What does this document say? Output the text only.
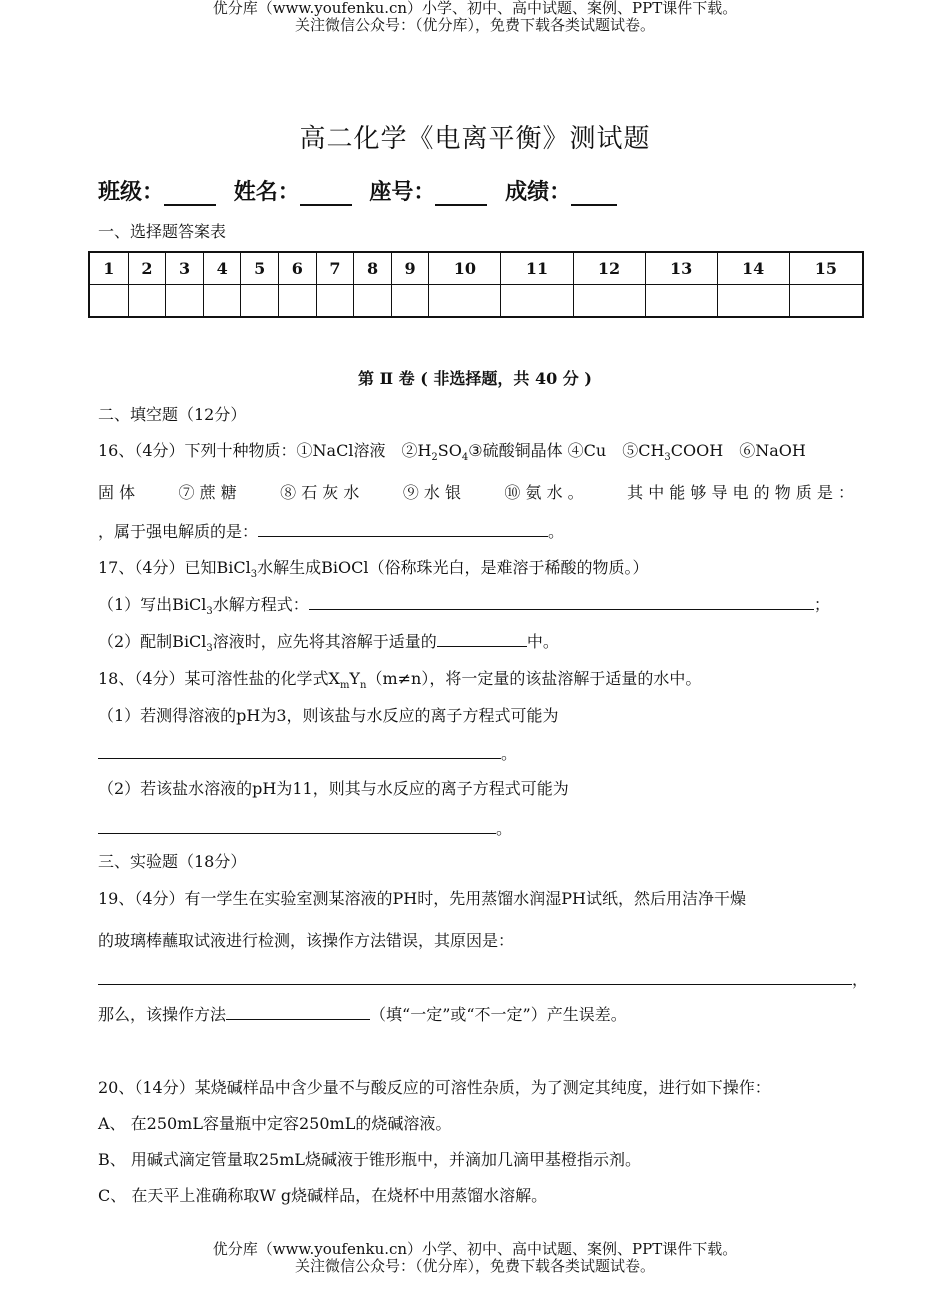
优分库（www.youfenku.cn）小学、初中、高中试题、案例、PPT课件下载。
关注微信公众号：（优分库），免费下载各类试题试卷。
高二化学《电离平衡》测试题
班级：	姓名：	座号：	成绩：
一、选择题答案表
1	2	3	4	5	6	7	8	9	10	11	12	13	14	15

第 Ⅱ 卷 ( 非选择题，共 40 分 )
二、填空题（12分）
16、（4分）下列十种物质：①NaCl溶液　$②H_2SO_4③$硫酸铜晶体 ④Cu　$⑤CH_3COOH$　⑥NaOH
固 体	⑦ 蔗 糖	⑧ 石 灰 水	⑨ 水 银	⑩ 氨 水 。	其 中 能 够 导 电 的 物 质 是 ：
，属于强电解质的是：	。
17、（4分）已知BiCl$_3$水解生成BiOCl（俗称珠光白，是难溶于稀酸的物质。）
（1）写出BiCl$_3$水解方程式：	；
（2）配制BiCl$_3$溶液时，应先将其溶解于适量的	中。
18、（4分）某可溶性盐的化学式$X_mY_n(m\ne n)$，将一定量的该盐溶解于适量的水中。
（1）若测得溶液的pH为3，则该盐与水反应的离子方程式可能为
。
（2）若该盐水溶液的pH为11，则其与水反应的离子方程式可能为
。
三、实验题（18分）
19、（4分）有一学生在实验室测某溶液的PH时，先用蒸馏水润湿PH试纸，然后用洁净干燥
的玻璃棒蘸取试液进行检测，该操作方法错误，其原因是：
，
那么，该操作方法	（填“一定”或“不一定”）产生误差。
20、（14分）某烧碱样品中含少量不与酸反应的可溶性杂质，为了测定其纯度，进行如下操作：
A、 在250mL容量瓶中定容250mL的烧碱溶液。
B、 用碱式滴定管量取25mL烧碱液于锥形瓶中，并滴加几滴甲基橙指示剂。
C、 在天平上准确称取W g烧碱样品，在烧杯中用蒸馏水溶解。
优分库（www.youfenku.cn）小学、初中、高中试题、案例、PPT课件下载。
关注微信公众号：（优分库），免费下载各类试题试卷。
